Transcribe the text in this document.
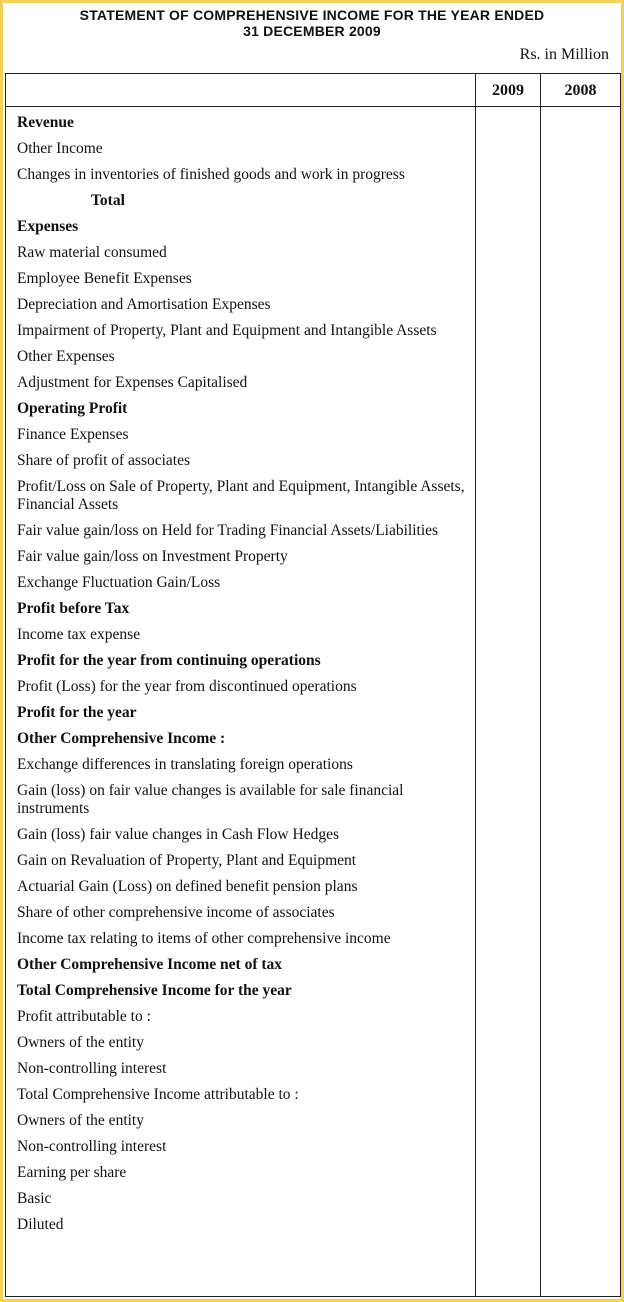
STATEMENT OF COMPREHENSIVE INCOME FOR THE YEAR ENDED
31 DECEMBER 2009
Rs. in Million
2009	2008
Revenue
Other Income
Changes in inventories of finished goods and work in progress
Total
Expenses
Raw material consumed
Employee Benefit Expenses
Depreciation and Amortisation Expenses
Impairment of Property, Plant and Equipment and Intangible Assets
Other Expenses
Adjustment for Expenses Capitalised
Operating Profit
Finance Expenses
Share of profit of associates
Profit/Loss on Sale of Property, Plant and Equipment, Intangible Assets, Financial Assets
Fair value gain/loss on Held for Trading Financial Assets/Liabilities
Fair value gain/loss on Investment Property
Exchange Fluctuation Gain/Loss
Profit before Tax
Income tax expense
Profit for the year from continuing operations
Profit (Loss) for the year from discontinued operations
Profit for the year
Other Comprehensive Income :
Exchange differences in translating foreign operations
Gain (loss) on fair value changes is available for sale financial instruments
Gain (loss) fair value changes in Cash Flow Hedges
Gain on Revaluation of Property, Plant and Equipment
Actuarial Gain (Loss) on defined benefit pension plans
Share of other comprehensive income of associates
Income tax relating to items of other comprehensive income
Other Comprehensive Income net of tax
Total Comprehensive Income for the year
Profit attributable to :
Owners of the entity
Non-controlling interest
Total Comprehensive Income attributable to :
Owners of the entity
Non-controlling interest
Earning per share
Basic
Diluted
